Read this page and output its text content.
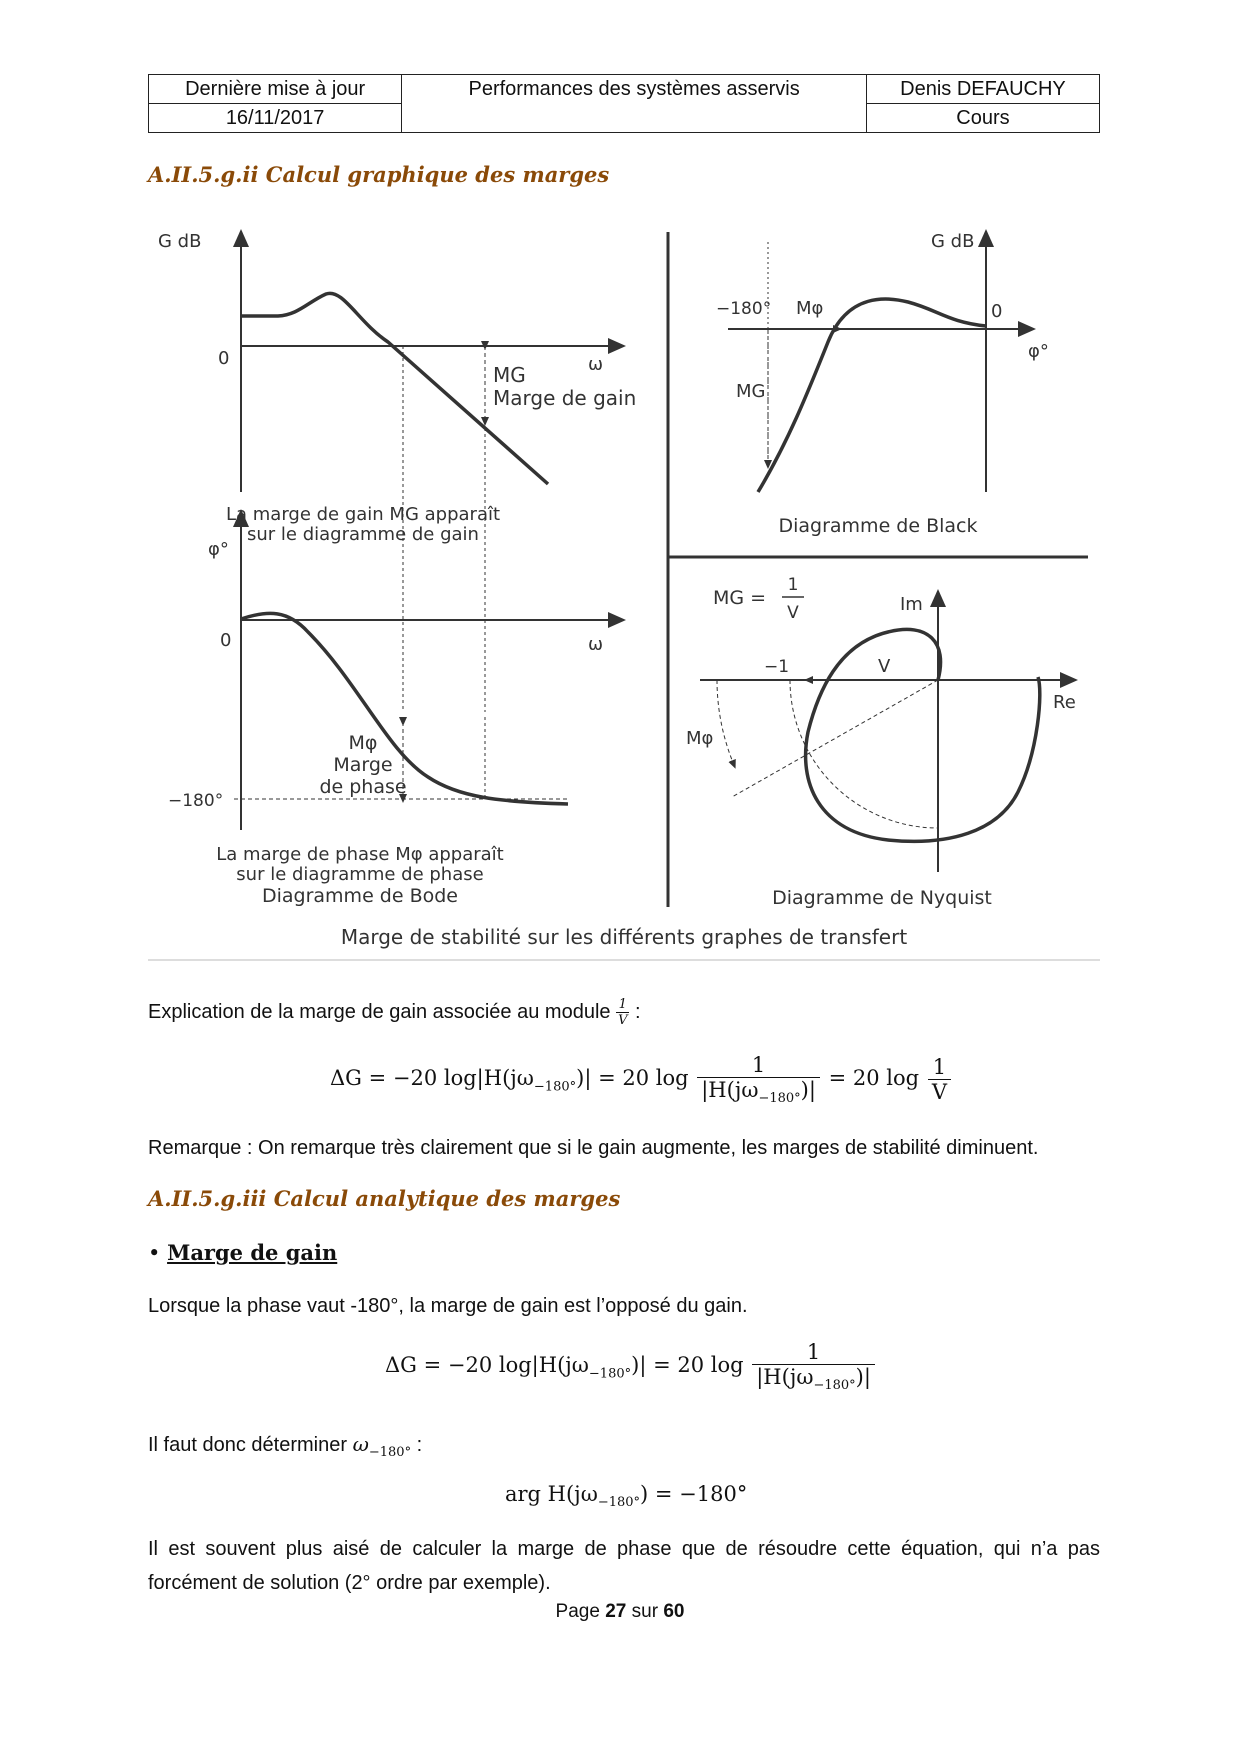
Dernière mise à jour	Performances des systèmes asservis	Denis DEFAUCHY
16/11/2017		Cours
A.II.5.g.ii Calcul graphique des marges
G dB
0	ω
MG
Marge de gain
La marge de gain MG apparaît
sur le diagramme de gain
φ°
0	ω
−180°
Mφ
Marge
de phase
La marge de phase Mφ apparaît
sur le diagramme de phase
Diagramme de Bode
G dB
−180° Mφ	0
φ°
MG
Diagramme de Black
MG =
1
V	Im
Re
−1	V
Mφ
Diagramme de Nyquist
Marge de stabilité sur les différents graphes de transfert
Explication de la marge de gain associée au module $\frac{1}{V}$ :
ΔG = −20 $\log|H(j\omega_{-180^\circ})| = 20$ $\log \frac{1}{|H(j\omega_{-180^\circ})|} = 20$ $\log \frac{1}{V}$
Remarque : On remarque très clairement que si le gain augmente, les marges de stabilité diminuent.
A.II.5.g.iii Calcul analytique des marges
• Marge de gain
Lorsque la phase vaut -180°, la marge de gain est l’opposé du gain.
ΔG = −20 $\log|H(j\omega_{-180^\circ})| = 20$ $\log \frac{1}{|H(j\omega_{-180^\circ})|}$
Il faut donc déterminer $\omega_{-180^\circ}$ :
arg $H(j\omega_{-180^\circ}) = -180^\circ$
Il est souvent plus aisé de calculer la marge de phase que de résoudre cette équation, qui n’a pas forcément de solution (2° ordre par exemple).
Page 27 sur 60
